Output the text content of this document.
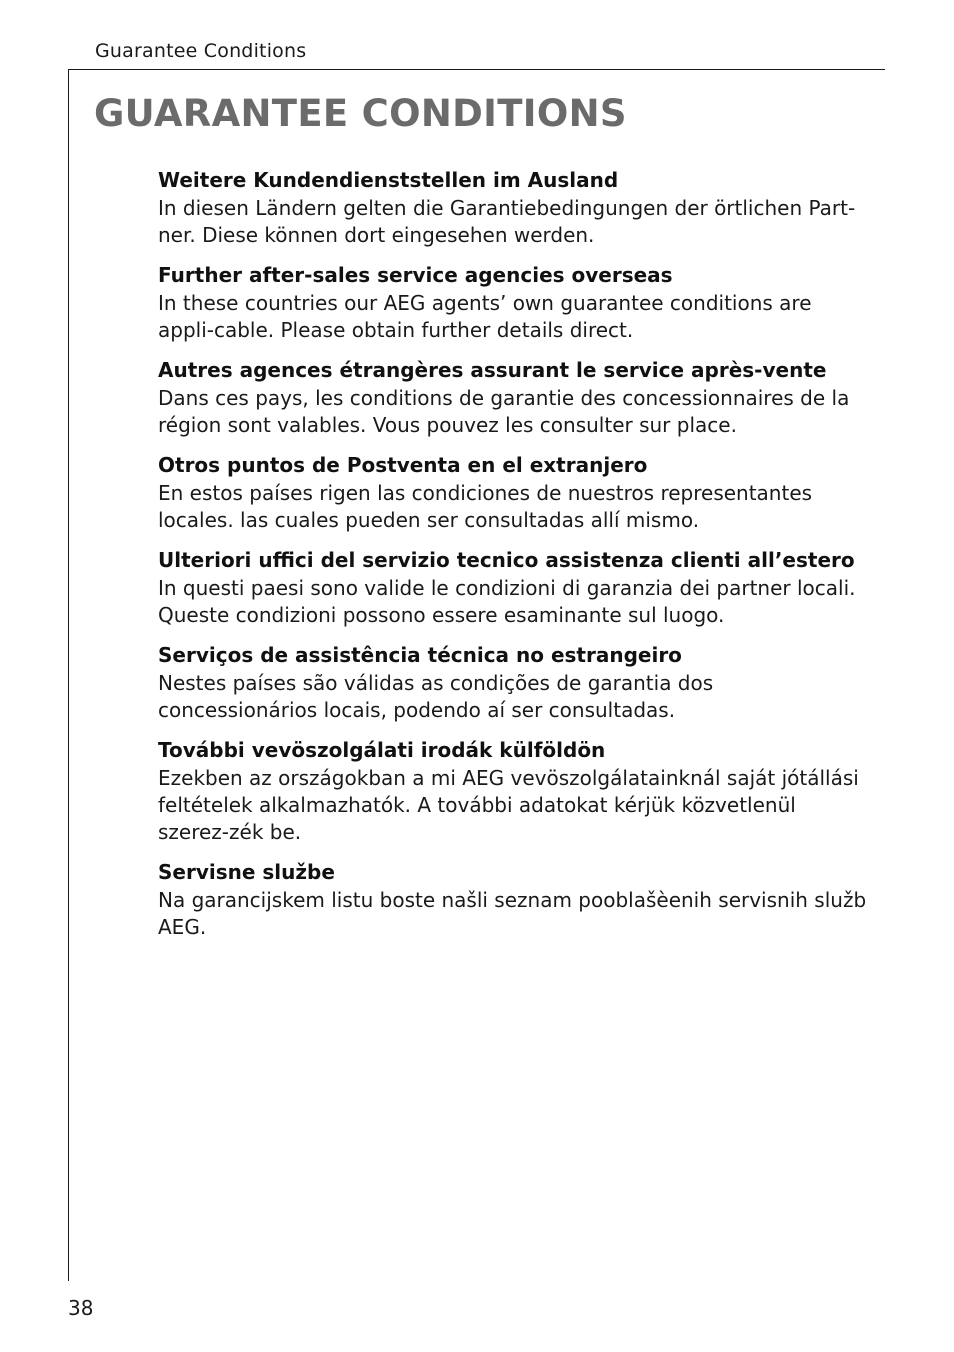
Guarantee Conditions
GUARANTEE CONDITIONS

Weitere Kundendienststellen im Ausland

In diesen Ländern gelten die Garantiebedingungen der örtlichen Part-ner. Diese können dort eingesehen werden.

Further after-sales service agencies overseas

In these countries our AEG agents’ own guarantee conditions are appli-cable. Please obtain further details direct.

Autres agences étrangères assurant le service après-vente

Dans ces pays, les conditions de garantie des concessionnaires de la région sont valables. Vous pouvez les consulter sur place.

Otros puntos de Postventa en el extranjero

En estos países rigen las condiciones de nuestros representantes locales. las cuales pueden ser consultadas allí mismo.

Ulteriori uffici del servizio tecnico assistenza clienti all’estero

In questi paesi sono valide le condizioni di garanzia dei partner locali. Queste condizioni possono essere esaminante sul luogo.

Serviços de assistência técnica no estrangeiro

Nestes países são válidas as condições de garantia dos concessionários locais, podendo aí ser consultadas.

További vevöszolgálati irodák külföldön

Ezekben az országokban a mi AEG vevöszolgálatainknál saját jótállási feltételek alkalmazhatók. A további adatokat kérjük közvetlenül szerez-zék be.

Servisne službe

Na garancijskem listu boste našli seznam pooblašèenih servisnih služb AEG.

38
